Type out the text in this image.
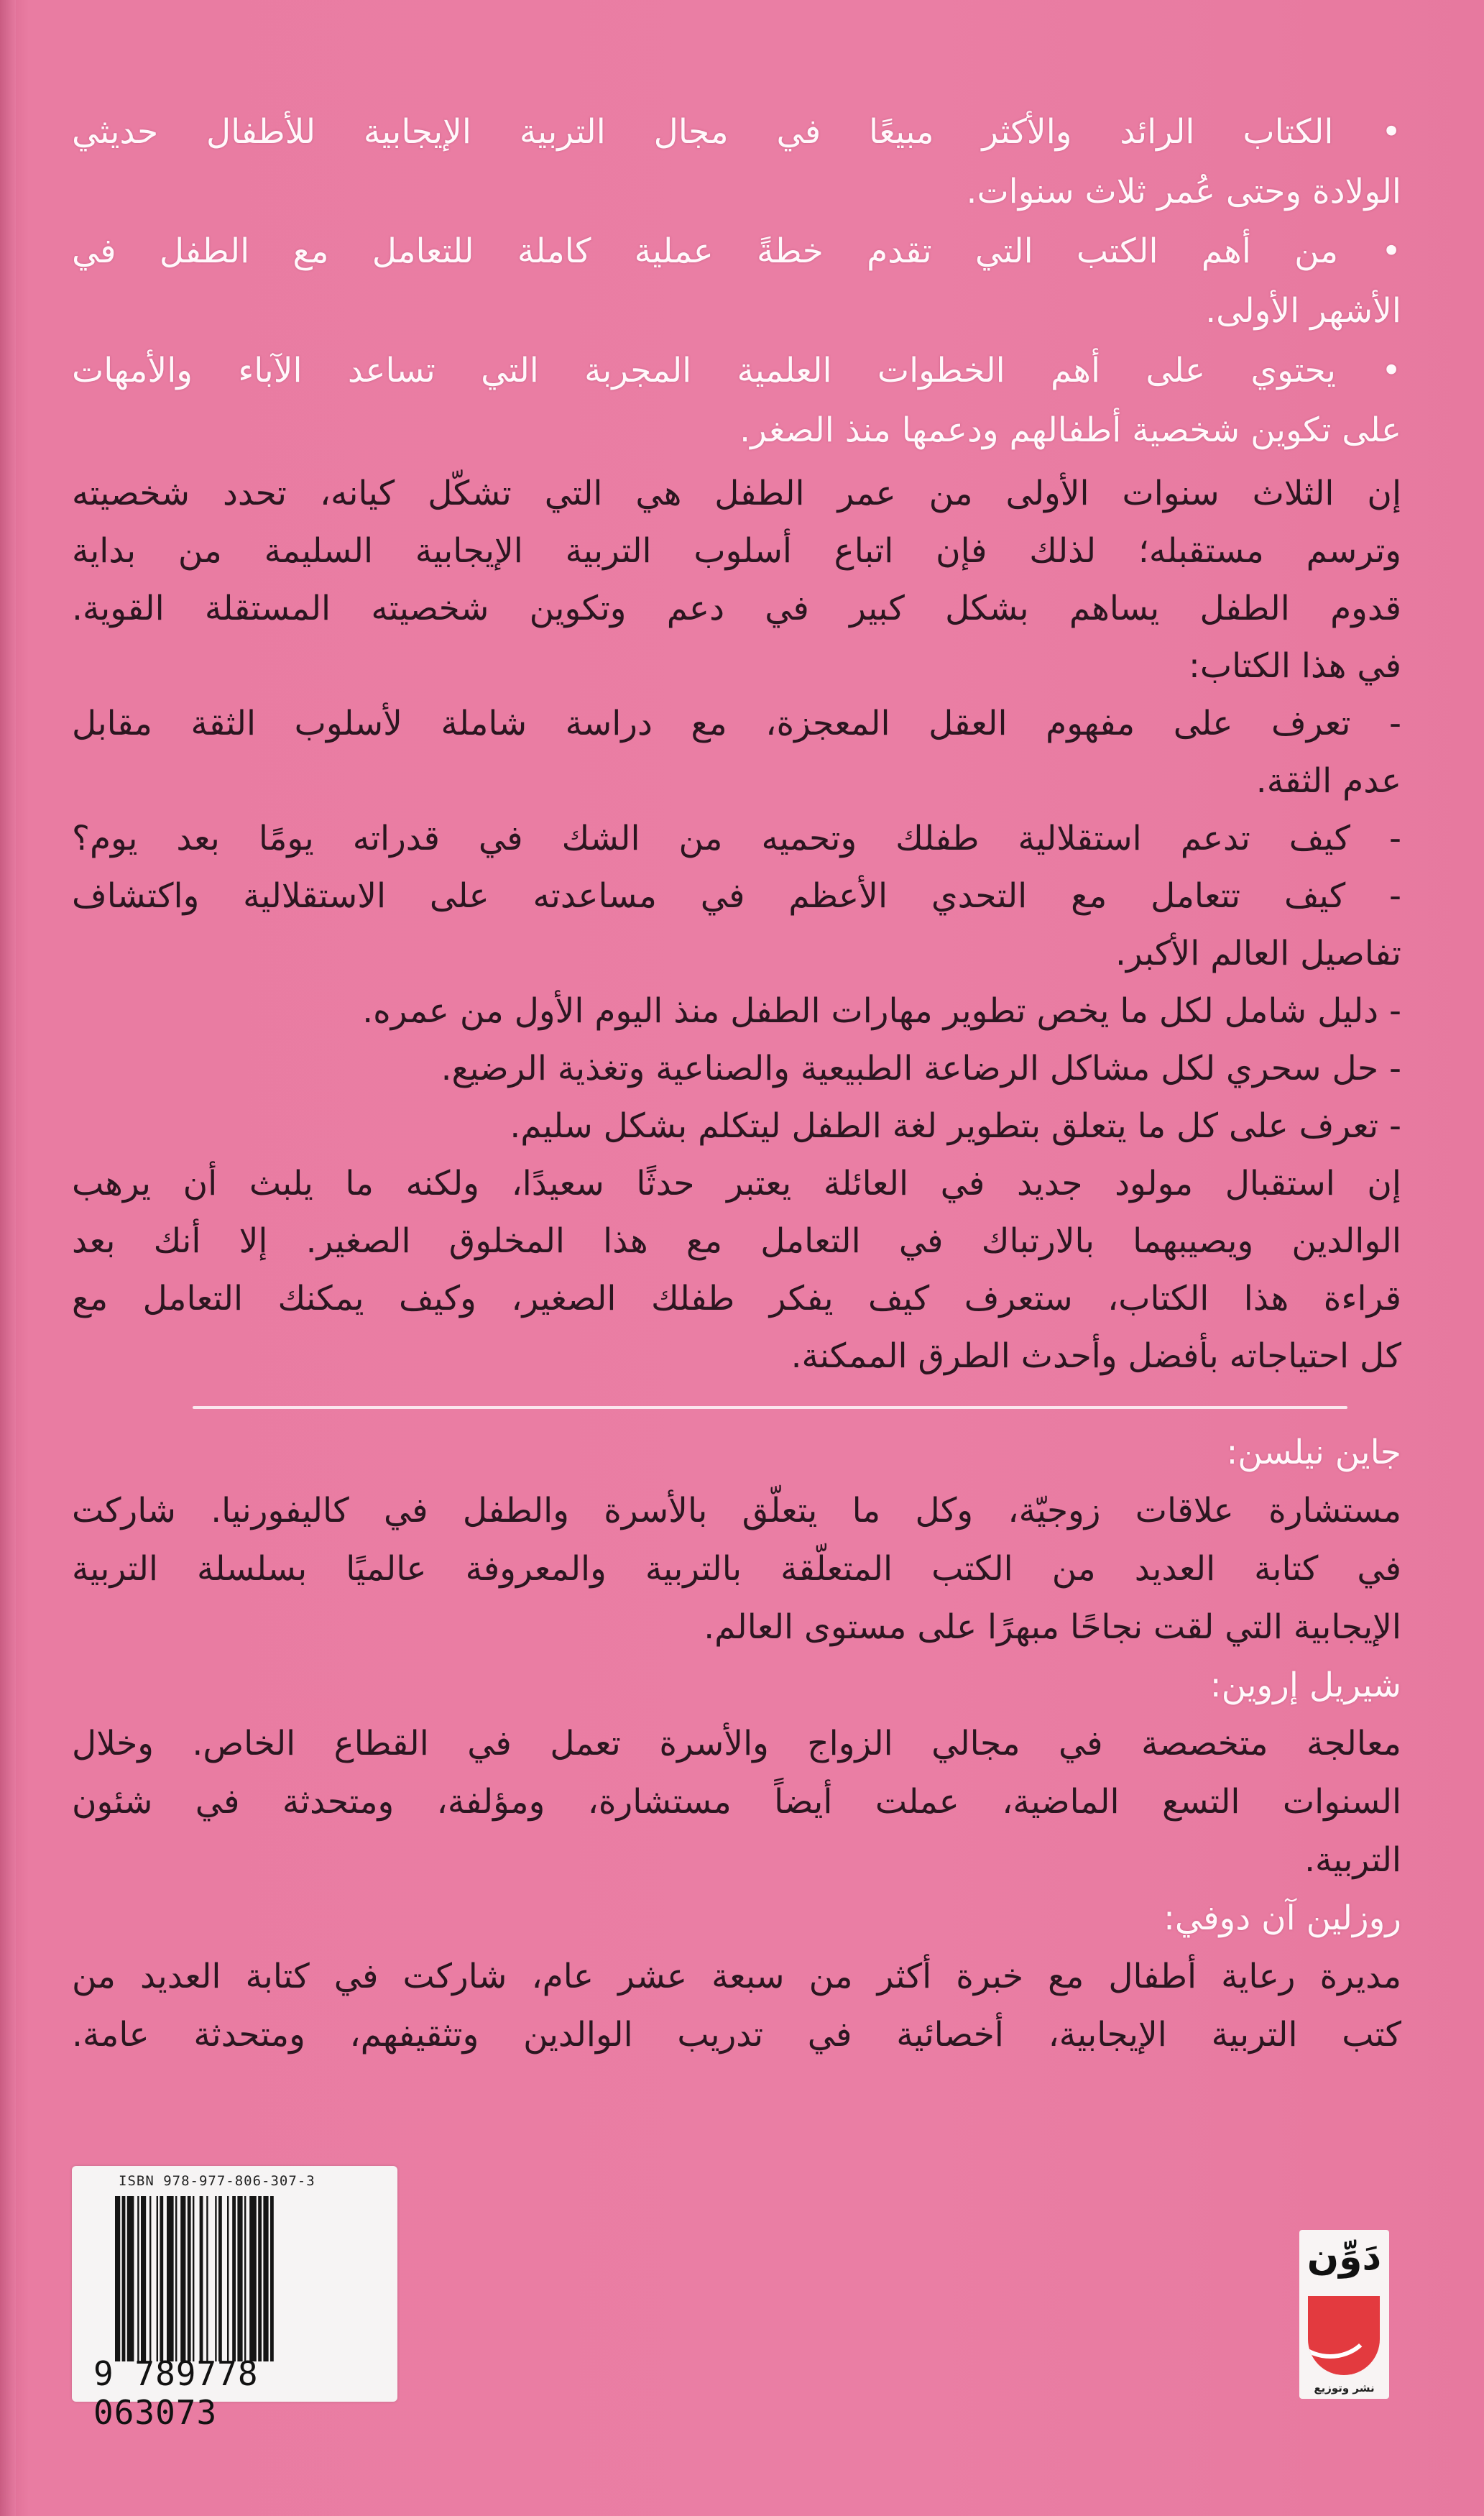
• الكتاب الرائد والأكثر مبيعًا في مجال التربية الإيجابية للأطفال حديثي
الولادة وحتى عُمر ثلاث سنوات.
• من أهم الكتب التي تقدم خطةً عملية كاملة للتعامل مع الطفل في
الأشهر الأولى.
• يحتوي على أهم الخطوات العلمية المجربة التي تساعد الآباء والأمهات
على تكوين شخصية أطفالهم ودعمها منذ الصغر.
إن الثلاث سنوات الأولى من عمر الطفل هي التي تشكّل كيانه، تحدد شخصيته
وترسم مستقبله؛ لذلك فإن اتباع أسلوب التربية الإيجابية السليمة من بداية
قدوم الطفل يساهم بشكل كبير في دعم وتكوين شخصيته المستقلة القوية.
في هذا الكتاب:
- تعرف على مفهوم العقل المعجزة، مع دراسة شاملة لأسلوب الثقة مقابل
عدم الثقة.
- كيف تدعم استقلالية طفلك وتحميه من الشك في قدراته يومًا بعد يوم؟
- كيف تتعامل مع التحدي الأعظم في مساعدته على الاستقلالية واكتشاف
تفاصيل العالم الأكبر.
- دليل شامل لكل ما يخص تطوير مهارات الطفل منذ اليوم الأول من عمره.
- حل سحري لكل مشاكل الرضاعة الطبيعية والصناعية وتغذية الرضيع.
- تعرف على كل ما يتعلق بتطوير لغة الطفل ليتكلم بشكل سليم.
إن استقبال مولود جديد في العائلة يعتبر حدثًا سعيدًا، ولكنه ما يلبث أن يرهب
الوالدين ويصيبهما بالارتباك في التعامل مع هذا المخلوق الصغير. إلا أنك بعد
قراءة هذا الكتاب، ستعرف كيف يفكر طفلك الصغير، وكيف يمكنك التعامل مع
كل احتياجاته بأفضل وأحدث الطرق الممكنة.
جاين نيلسن:
مستشارة علاقات زوجيّة، وكل ما يتعلّق بالأسرة والطفل في كاليفورنيا. شاركت
في كتابة العديد من الكتب المتعلّقة بالتربية والمعروفة عالميًا بسلسلة التربية
الإيجابية التي لقت نجاحًا مبهرًا على مستوى العالم.
شيريل إروين:
معالجة متخصصة في مجالي الزواج والأسرة تعمل في القطاع الخاص. وخلال
السنوات التسع الماضية، عملت أيضاً مستشارة، ومؤلفة، ومتحدثة في شئون
التربية.
روزلين آن دوفي:
مديرة رعاية أطفال مع خبرة أكثر من سبعة عشر عام، شاركت في كتابة العديد من
كتب التربية الإيجابية، أخصائية في تدريب الوالدين وتثقيفهم، ومتحدثة عامة.
ISBN 978-977-806-307-3
9 789778 063073
دَوِّن
نشر وتوزيع
